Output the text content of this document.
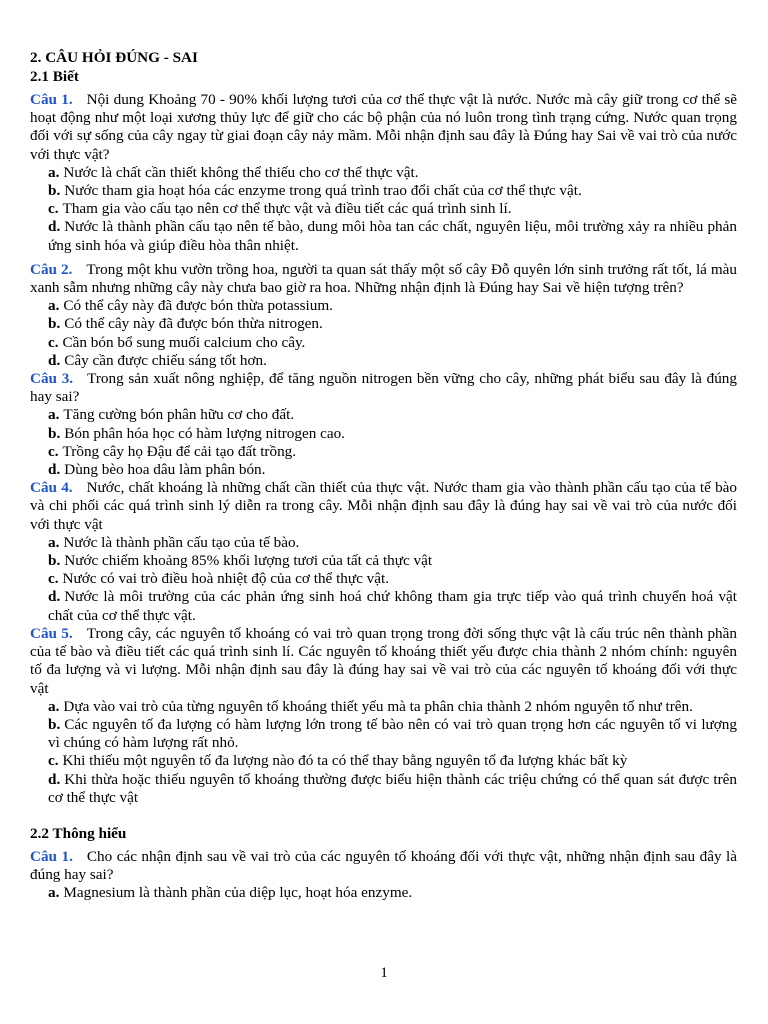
2. CÂU HỎI ĐÚNG - SAI
2.1 Biết

Câu 1. Nội dung Khoảng 70 - 90% khối lượng tươi của cơ thể thực vật là nước. Nước mà cây giữ trong cơ thể sẽ hoạt động như một loại xương thủy lực để giữ cho các bộ phận của nó luôn trong tình trạng cứng. Nước quan trọng đối với sự sống của cây ngay từ giai đoạn cây nảy mầm. Mỗi nhận định sau đây là Đúng hay Sai về vai trò của nước với thực vật?

a. Nước là chất cần thiết không thể thiếu cho cơ thể thực vật.

b. Nước tham gia hoạt hóa các enzyme trong quá trình trao đổi chất của cơ thể thực vật.

c. Tham gia vào cấu tạo nên cơ thể thực vật và điều tiết các quá trình sinh lí.

d. Nước là thành phần cấu tạo nên tế bào, dung môi hòa tan các chất, nguyên liệu, môi trường xảy ra nhiều phản ứng sinh hóa và giúp điều hòa thân nhiệt.

Câu 2. Trong một khu vườn trồng hoa, người ta quan sát thấy một số cây Đỗ quyên lớn sinh trưởng rất tốt, lá màu xanh sẫm nhưng những cây này chưa bao giờ ra hoa. Những nhận định là Đúng hay Sai về hiện tượng trên?

a. Có thể cây này đã được bón thừa potassium.

b. Có thể cây này đã được bón thừa nitrogen.

c. Cần bón bổ sung muối calcium cho cây.

d. Cây cần được chiếu sáng tốt hơn.

Câu 3. Trong sản xuất nông nghiệp, để tăng nguồn nitrogen bền vững cho cây, những phát biểu sau đây là đúng hay sai?

a. Tăng cường bón phân hữu cơ cho đất.

b. Bón phân hóa học có hàm lượng nitrogen cao.

c. Trồng cây họ Đậu để cải tạo đất trồng.

d. Dùng bèo hoa dâu làm phân bón.

Câu 4. Nước, chất khoáng là những chất cần thiết của thực vật. Nước tham gia vào thành phần cấu tạo của tế bào và chi phối các quá trình sinh lý diễn ra trong cây. Mỗi nhận định sau đây là đúng hay sai về vai trò của nước đối với thực vật

a. Nước là thành phần cấu tạo của tế bào.

b. Nước chiếm khoảng 85% khối lượng tươi của tất cả thực vật

c. Nước có vai trò điều hoà nhiệt độ của cơ thể thực vật.

d. Nước là môi trường của các phản ứng sinh hoá chứ không tham gia trực tiếp vào quá trình chuyển hoá vật chất của cơ thể thực vật.

Câu 5. Trong cây, các nguyên tố khoáng có vai trò quan trọng trong đời sống thực vật là cấu trúc nên thành phần của tế bào và điều tiết các quá trình sinh lí. Các nguyên tố khoáng thiết yếu được chia thành 2 nhóm chính: nguyên tố đa lượng và vi lượng. Mỗi nhận định sau đây là đúng hay sai về vai trò của các nguyên tố khoáng đối với thực vật

a. Dựa vào vai trò của từng nguyên tố khoáng thiết yếu mà ta phân chia thành 2 nhóm nguyên tố như trên.

b. Các nguyên tố đa lượng có hàm lượng lớn trong tế bào nên có vai trò quan trọng hơn các nguyên tố vi lượng vì chúng có hàm lượng rất nhỏ.

c. Khi thiếu một nguyên tố đa lượng nào đó ta có thể thay bằng nguyên tố đa lượng khác bất kỳ

d. Khi thừa hoặc thiếu nguyên tố khoáng thường được biểu hiện thành các triệu chứng có thể quan sát được trên cơ thể thực vật

2.2 Thông hiểu

Câu 1. Cho các nhận định sau về vai trò của các nguyên tố khoáng đối với thực vật, những nhận định sau đây là đúng hay sai?

a. Magnesium là thành phần của diệp lục, hoạt hóa enzyme.

1
